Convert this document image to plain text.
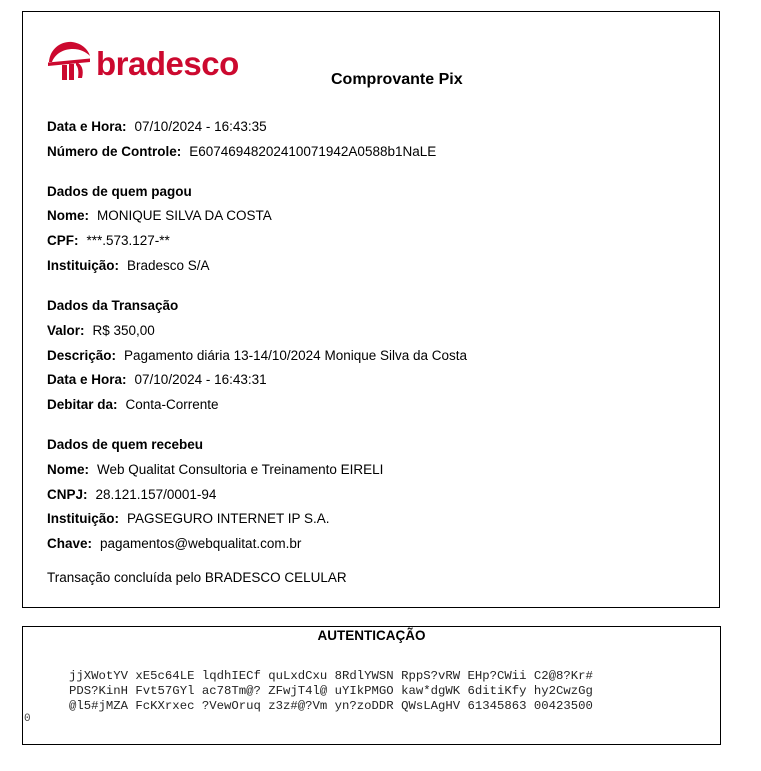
bradesco	Comprovante Pix
Data e Hora: 07/10/2024 - 16:43:35
Número de Controle: E60746948202410071942A0588b1NaLE
Dados de quem pagou
Nome: MONIQUE SILVA DA COSTA
CPF: ***.573.127-**
Instituição: Bradesco S/A
Dados da Transação
Valor: R$ 350,00
Descrição: Pagamento diária 13-14/10/2024 Monique Silva da Costa
Data e Hora: 07/10/2024 - 16:43:31
Debitar da: Conta-Corrente
Dados de quem recebeu
Nome: Web Qualitat Consultoria e Treinamento EIRELI
CNPJ: 28.121.157/0001-94
Instituição: PAGSEGURO INTERNET IP S.A.
Chave: pagamentos@webqualitat.com.br
Transação concluída pelo BRADESCO CELULAR
AUTENTICAÇÃO
jjXWotYV xE5c64LE lqdhIECf quLxdCxu 8RdlYWSN RppS?vRW EHp?CWii C2@8?Kr#
PDS?KinH Fvt57GYl ac78Tm@? ZFwjT4l@ uYIkPMGO kaw*dgWK 6ditiKfy hy2CwzGg
@l5#jMZA FcKXrxec ?VewOruq z3z#@?Vm yn?zoDDR QWsLAgHV 61345863 00423500
0
